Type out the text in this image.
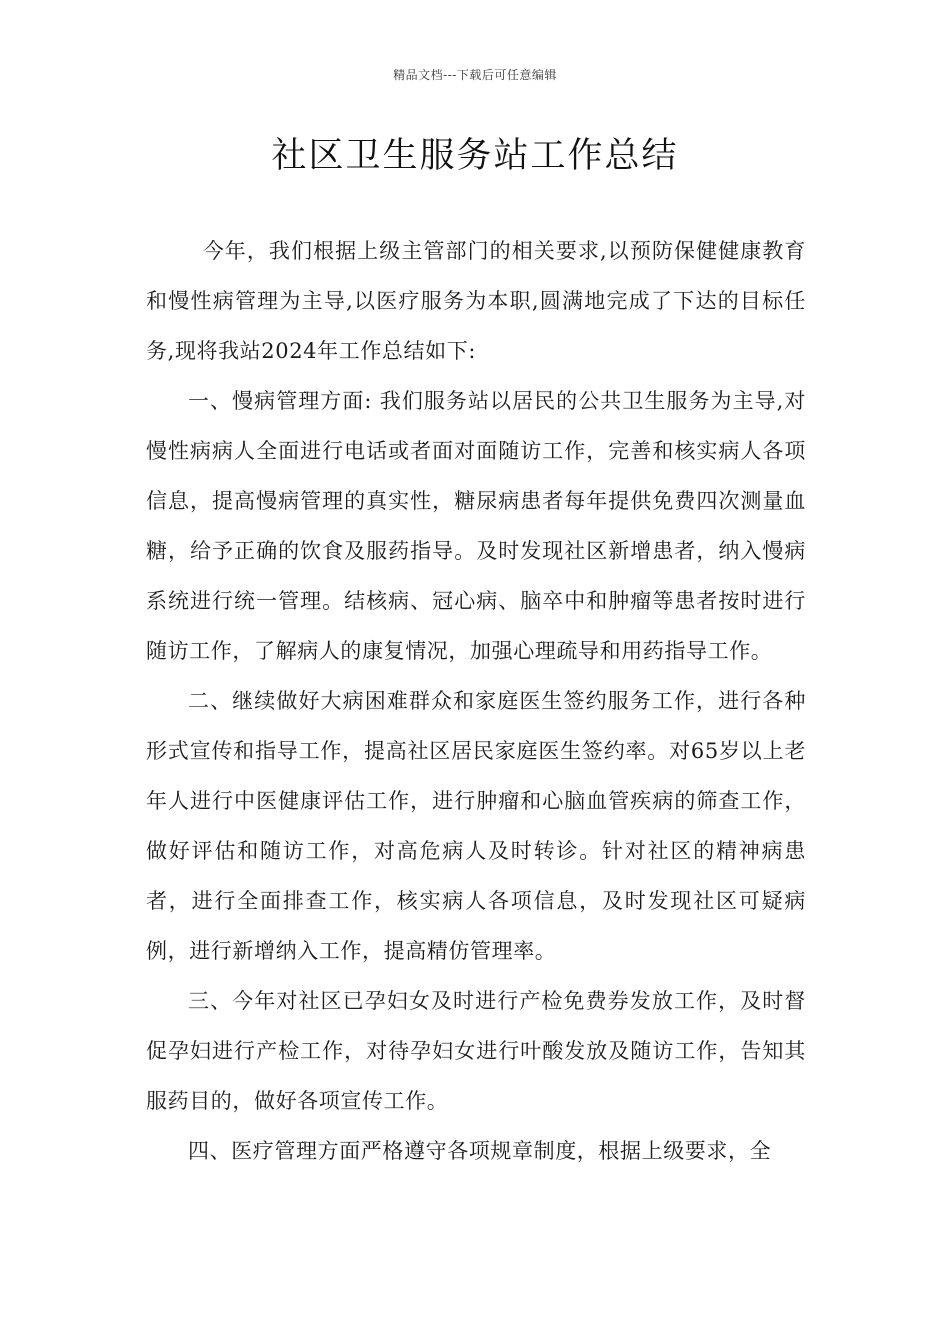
精品文档---下载后可任意编辑
社区卫生服务站工作总结

今年，我们根据上级主管部门的相关要求,以预防保健健康教育和慢性病管理为主导,以医疗服务为本职,圆满地完成了下达的目标任务,现将我站2024年工作总结如下:

一、慢病管理方面: 我们服务站以居民的公共卫生服务为主导,对慢性病病人全面进行电话或者面对面随访工作，完善和核实病人各项信息，提高慢病管理的真实性，糖尿病患者每年提供免费四次测量血糖，给予正确的饮食及服药指导。及时发现社区新增患者，纳入慢病系统进行统一管理。结核病、冠心病、脑卒中和肿瘤等患者按时进行随访工作，了解病人的康复情况，加强心理疏导和用药指导工作。

二、继续做好大病困难群众和家庭医生签约服务工作，进行各种形式宣传和指导工作，提高社区居民家庭医生签约率。对65岁以上老年人进行中医健康评估工作，进行肿瘤和心脑血管疾病的筛查工作，做好评估和随访工作，对高危病人及时转诊。针对社区的精神病患者，进行全面排查工作，核实病人各项信息，及时发现社区可疑病例，进行新增纳入工作，提高精仿管理率。

三、今年对社区已孕妇女及时进行产检免费券发放工作，及时督促孕妇进行产检工作，对待孕妇女进行叶酸发放及随访工作，告知其服药目的，做好各项宣传工作。

四、医疗管理方面严格遵守各项规章制度，根据上级要求，全
